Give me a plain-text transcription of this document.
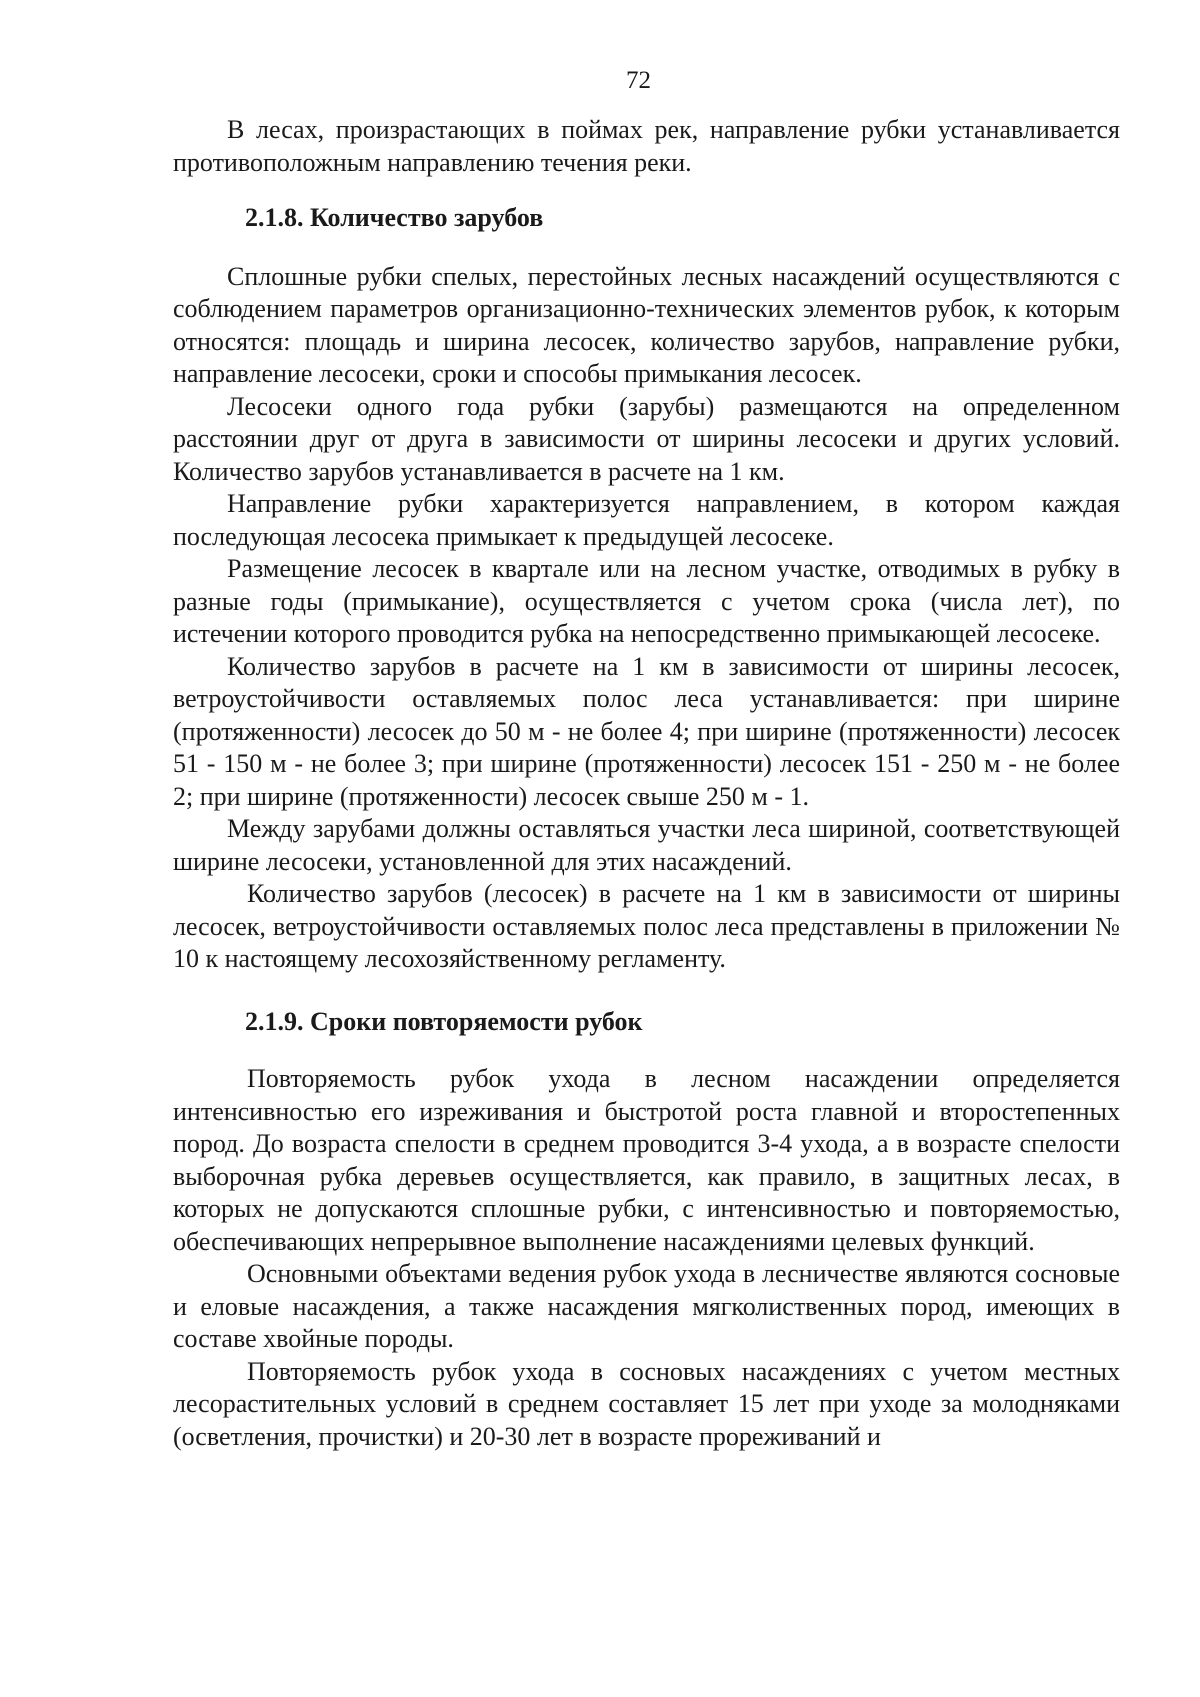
72

В лесах, произрастающих в поймах рек, направление рубки устанавливается противоположным направлению течения реки.

2.1.8. Количество зарубов

Сплошные рубки спелых, перестойных лесных насаждений осуществляются с соблюдением параметров организационно-технических элементов рубок, к которым относятся: площадь и ширина лесосек, количество зарубов, направление рубки, направление лесосеки, сроки и способы примыкания лесосек.

Лесосеки одного года рубки (зарубы) размещаются на определенном расстоянии друг от друга в зависимости от ширины лесосеки и других условий. Количество зарубов устанавливается в расчете на 1 км.

Направление рубки характеризуется направлением, в котором каждая последующая лесосека примыкает к предыдущей лесосеке.

Размещение лесосек в квартале или на лесном участке, отводимых в рубку в разные годы (примыкание), осуществляется с учетом срока (числа лет), по истечении которого проводится рубка на непосредственно примыкающей лесосеке.

Количество зарубов в расчете на 1 км в зависимости от ширины лесосек, ветроустойчивости оставляемых полос леса устанавливается: при ширине (протяженности) лесосек до 50 м - не более 4; при ширине (протяженности) лесосек 51 - 150 м - не более 3; при ширине (протяженности) лесосек 151 - 250 м - не более 2; при ширине (протяженности) лесосек свыше 250 м - 1.

Между зарубами должны оставляться участки леса шириной, соответствующей ширине лесосеки, установленной для этих насаждений.

Количество зарубов (лесосек) в расчете на 1 км в зависимости от ширины лесосек, ветроустойчивости оставляемых полос леса представлены в приложении № 10 к настоящему лесохозяйственному регламенту.

2.1.9. Сроки повторяемости рубок

Повторяемость рубок ухода в лесном насаждении определяется интенсивностью его изреживания и быстротой роста главной и второстепенных пород. До возраста спелости в среднем проводится 3-4 ухода, а в возрасте спелости выборочная рубка деревьев осуществляется, как правило, в защитных лесах, в которых не допускаются сплошные рубки, с интенсивностью и повторяемостью, обеспечивающих непрерывное выполнение насаждениями целевых функций.

Основными объектами ведения рубок ухода в лесничестве являются сосновые и еловые насаждения, а также насаждения мягколиственных пород, имеющих в составе хвойные породы.

Повторяемость рубок ухода в сосновых насаждениях с учетом местных лесорастительных условий в среднем составляет 15 лет при уходе за молодняками (осветления, прочистки) и 20-30 лет в возрасте прореживаний и
